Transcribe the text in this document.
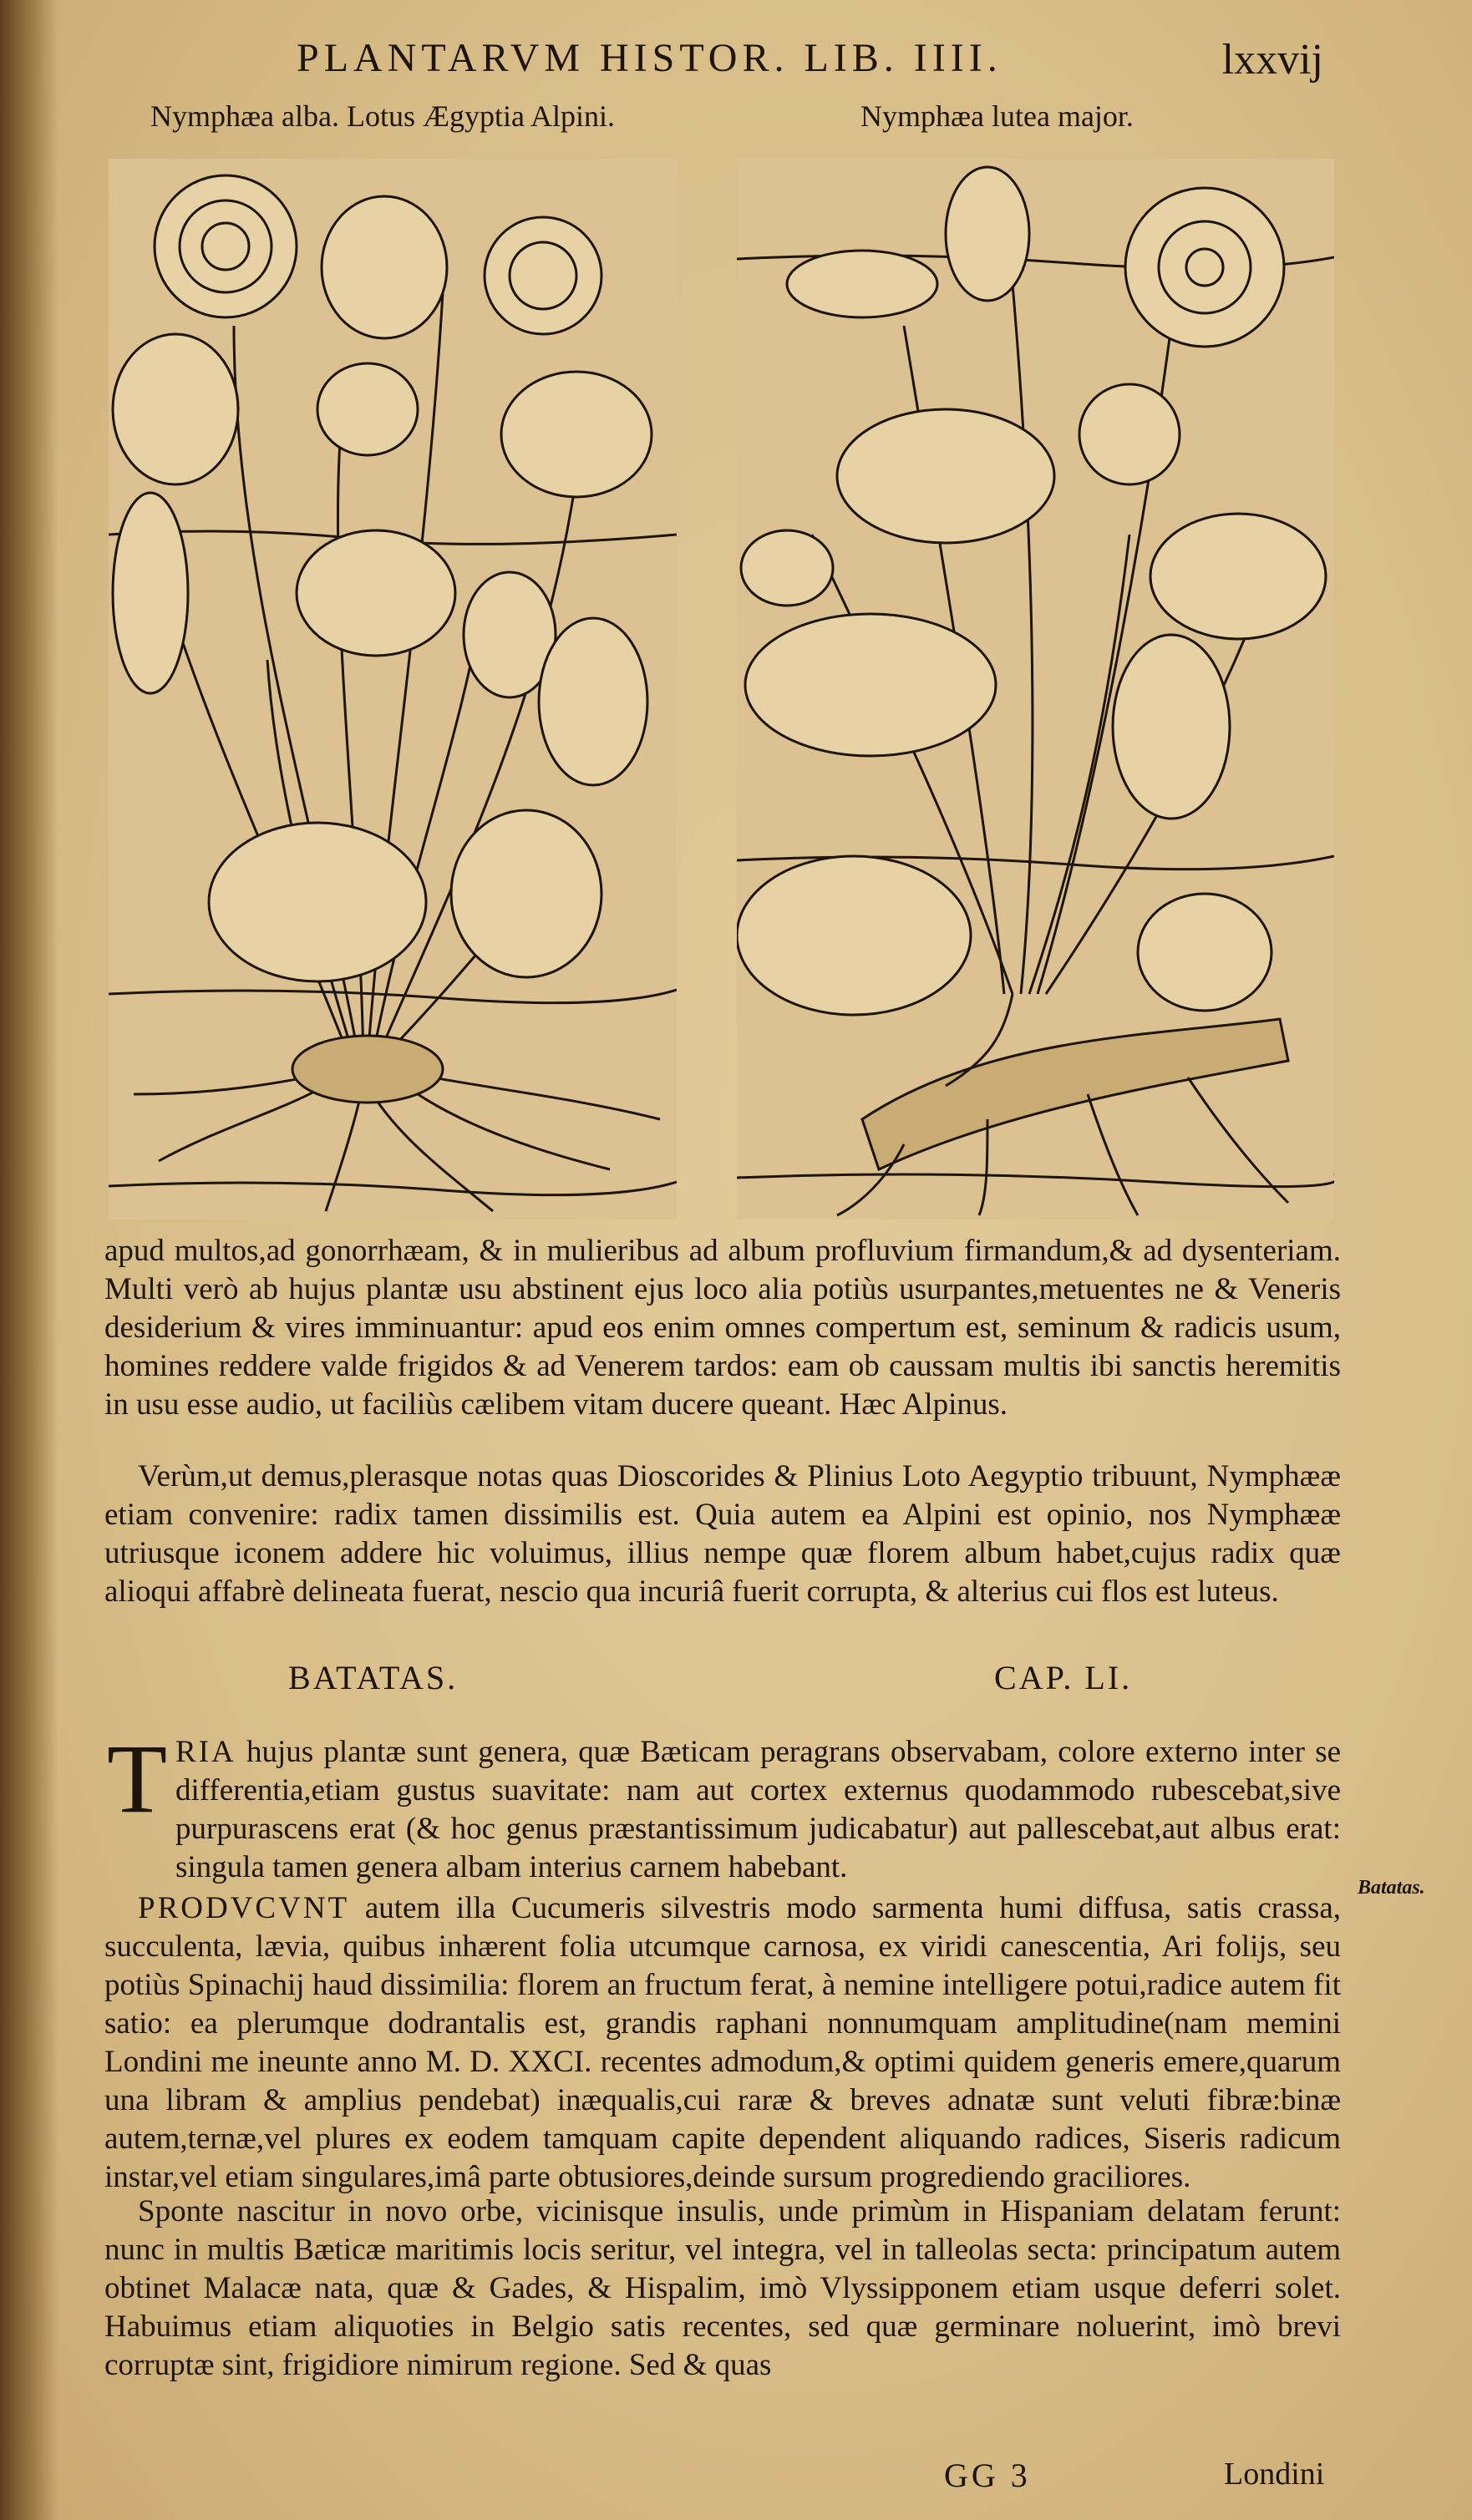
PLANTARVM HISTOR. LIB. IIII.	lxxvij
Nymphæa alba. Lotus Ægyptia Alpini.	Nymphæa lutea major.
apud multos,ad gonorrhæam, & in mulieribus ad album profluvium firmandum,& ad dysenteriam. Multi verò ab hujus plantæ usu abstinent ejus loco alia potiùs usurpantes,metuentes ne & Veneris desiderium & vires imminuantur: apud eos enim omnes compertum est, seminum & radicis usum, homines reddere valde frigidos & ad Venerem tardos: eam ob caussam multis ibi sanctis heremitis in usu esse audio, ut faciliùs cælibem vitam ducere queant. Hæc Alpinus.
Verùm,ut demus,plerasque notas quas Dioscorides & Plinius Loto Aegyptio tribuunt, Nymphææ etiam convenire: radix tamen dissimilis est. Quia autem ea Alpini est opinio, nos Nymphææ utriusque iconem addere hic voluimus, illius nempe quæ florem album habet,cujus radix quæ alioqui affabrè delineata fuerat, nescio qua incuriâ fuerit corrupta, & alterius cui flos est luteus.
BATATAS.	CAP. LI.
T RIA hujus plantæ sunt genera, quæ Bæticam peragrans observabam, colore externo inter se differentia,etiam gustus suavitate: nam aut cortex externus quodammodo rubescebat,sive purpurascens erat (& hoc genus præstantissimum judicabatur) aut pallescebat,aut albus erat: singula tamen genera albam interius carnem habebant.
PRODVCVNT autem illa Cucumeris silvestris modo sarmenta humi diffusa, satis crassa, succulenta, lævia, quibus inhærent folia utcumque carnosa, ex viridi canescentia, Ari folijs, seu potiùs Spinachij haud dissimilia: florem an fructum ferat, à nemine intelligere potui,radice autem fit satio: ea plerumque dodrantalis est, grandis raphani nonnumquam amplitudine(nam memini Londini me ineunte anno M. D. XXCI. recentes admodum,& optimi quidem generis emere,quarum una libram & amplius pendebat) inæqualis,cui raræ & breves adnatæ sunt veluti fibræ:binæ autem,ternæ,vel plures ex eodem tamquam capite dependent aliquando radices, Siseris radicum instar,vel etiam singulares,imâ parte obtusiores,deinde sursum progrediendo graciliores.
Batatas.
Sponte nascitur in novo orbe, vicinisque insulis, unde primùm in Hispaniam delatam ferunt: nunc in multis Bæticæ maritimis locis seritur, vel integra, vel in talleolas secta: principatum autem obtinet Malacæ nata, quæ & Gades, & Hispalim, imò Vlyssipponem etiam usque deferri solet. Habuimus etiam aliquoties in Belgio satis recentes, sed quæ germinare noluerint, imò brevi corruptæ sint, frigidiore nimirum regione. Sed & quas
GG 3	Londini
